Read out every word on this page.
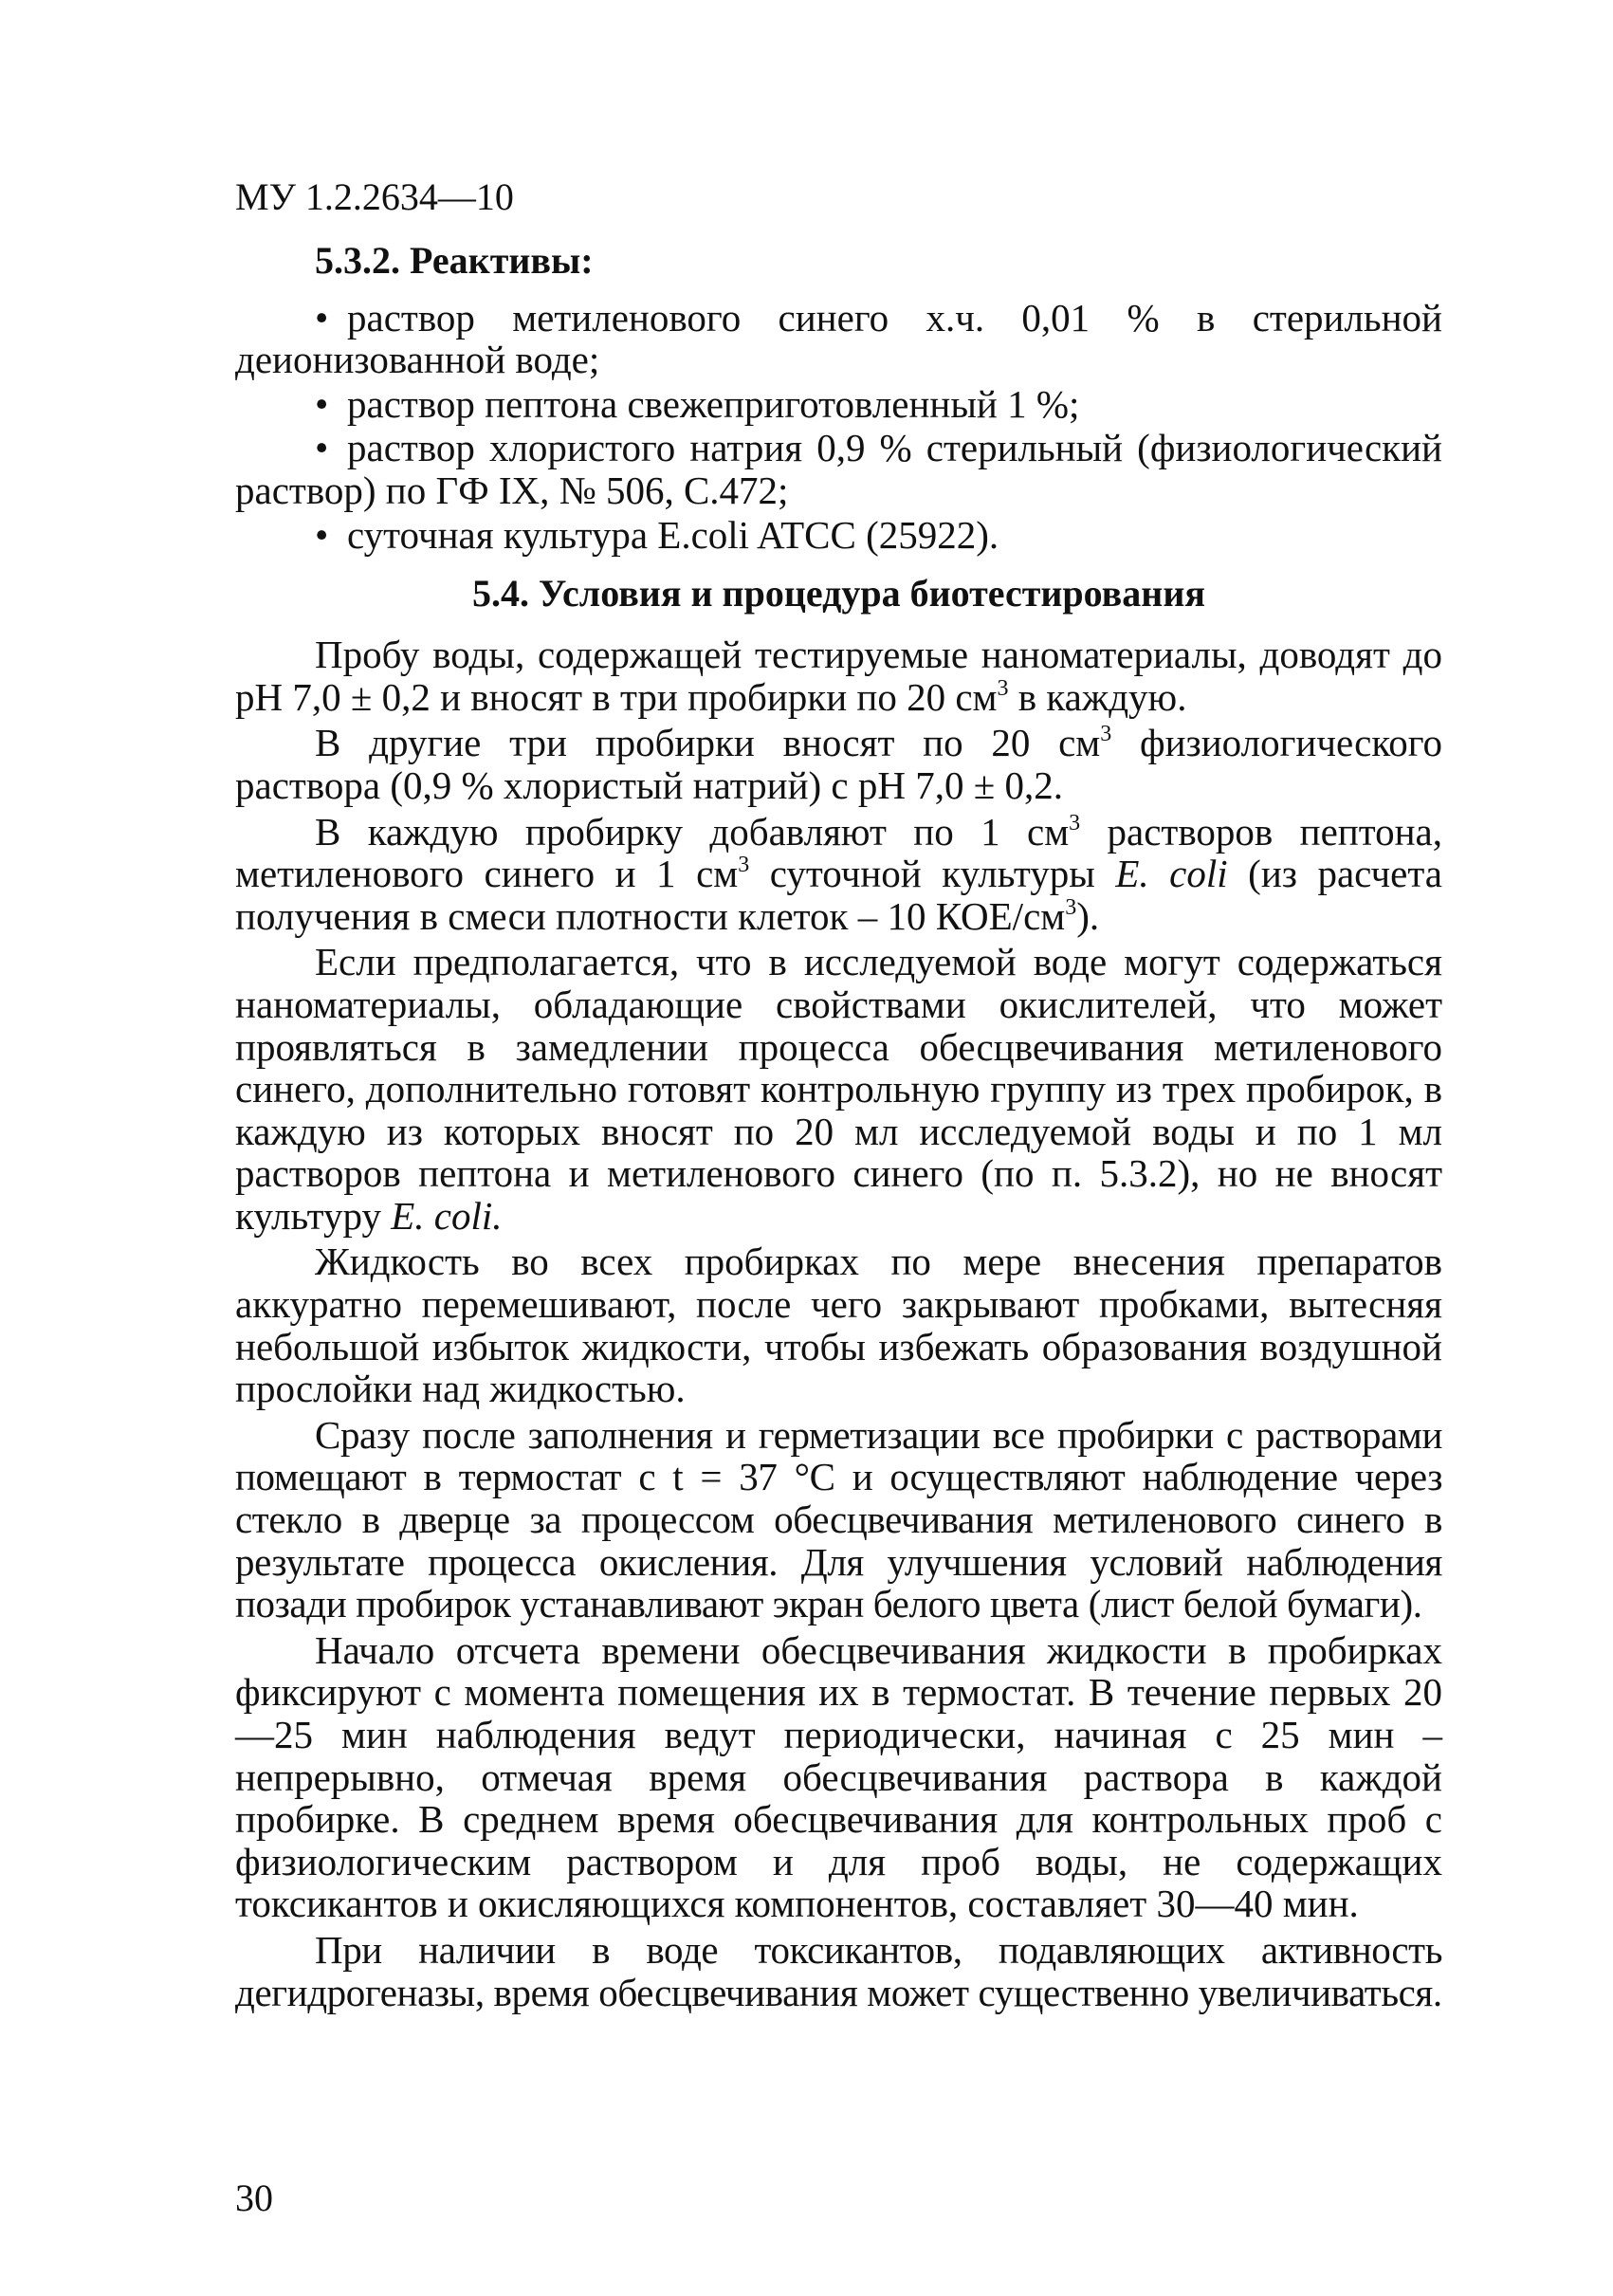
МУ 1.2.2634—10
5.3.2. Реактивы:
• раствор метиленового синего х.ч. 0,01 % в стерильной деионизованной воде;
• раствор пептона свежеприготовленный 1 %;
• раствор хлористого натрия 0,9 % стерильный (физиологический раствор) по ГФ IX, № 506, С.472;
• суточная культура E.coli ATCC (25922).
5.4. Условия и процедура биотестирования

Пробу воды, содержащей тестируемые наноматериалы, доводят до pH 7,0 ± 0,2 и вносят в три пробирки по 20 $см^3$ в каждую.

В другие три пробирки вносят по 20 $см^3$ физиологического раствора (0,9 % хлористый натрий) с pH 7,0 ± 0,2.

В каждую пробирку добавляют по 1 $см^3$ растворов пептона, метиленового синего и 1 $см^3$ суточной культуры E. coli (из расчета получения в смеси плотности клеток – 10 КОЕ/$см^3$).

Если предполагается, что в исследуемой воде могут содержаться наноматериалы, обладающие свойствами окислителей, что может проявляться в замедлении процесса обесцвечивания метиленового синего, дополнительно готовят контрольную группу из трех пробирок, в каждую из которых вносят по 20 мл исследуемой воды и по 1 мл растворов пептона и метиленового синего (по п. 5.3.2), но не вносят культуру E. coli.

Жидкость во всех пробирках по мере внесения препаратов аккуратно перемешивают, после чего закрывают пробками, вытесняя небольшой избыток жидкости, чтобы избежать образования воздушной прослойки над жидкостью.

Сразу после заполнения и герметизации все пробирки с растворами помещают в термостат с t = 37 °С и осуществляют наблюдение через стекло в дверце за процессом обесцвечивания метиленового синего в результате процесса окисления. Для улучшения условий наблюдения позади пробирок устанавливают экран белого цвета (лист белой бумаги).

Начало отсчета времени обесцвечивания жидкости в пробирках фиксируют с момента помещения их в термостат. В течение первых 20—25 мин наблюдения ведут периодически, начиная с 25 мин – непрерывно, отмечая время обесцвечивания раствора в каждой пробирке. В среднем время обесцвечивания для контрольных проб с физиологическим раствором и для проб воды, не содержащих токсикантов и окисляющихся компонентов, составляет 30—40 мин.

При наличии в воде токсикантов, подавляющих активность дегидрогеназы, время обесцвечивания может существенно увеличиваться.

30
